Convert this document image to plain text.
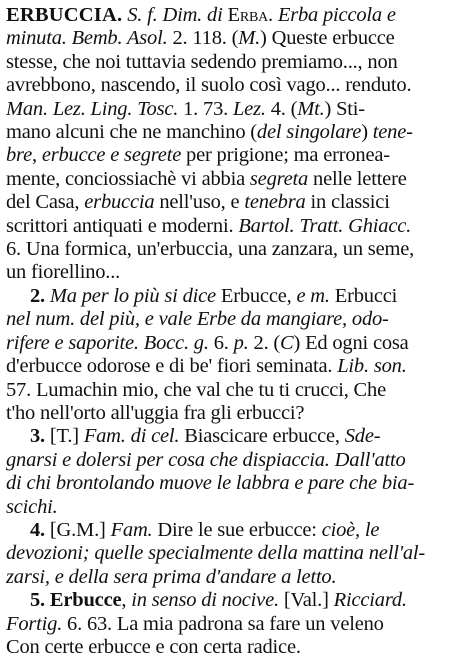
ERBUCCIA. S. f. Dim. di Erba. Erba piccola e
minuta. Bemb. Asol. 2. 118. (M.) Queste erbucce
stesse, che noi tuttavia sedendo premiamo..., non
avrebbono, nascendo, il suolo così vago... renduto.
Man. Lez. Ling. Tosc. 1. 73. Lez. 4. (Mt.) Sti-
mano alcuni che ne manchino (del singolare) tene-
bre, erbucce e segrete per prigione; ma erronea-
mente, conciossiachè vi abbia segreta nelle lettere
del Casa, erbuccia nell'uso, e tenebra in classici
scrittori antiquati e moderni. Bartol. Tratt. Ghiacc.
6. Una formica, un'erbuccia, una zanzara, un seme,
un fiorellino...
2. Ma per lo più si dice Erbucce, e m. Erbucci
nel num. del più, e vale Erbe da mangiare, odo-
rifere e saporite. Bocc. g. 6. p. 2. (C) Ed ogni cosa
d'erbucce odorose e di be' fiori seminata. Lib. son.
57. Lumachin mio, che val che tu ti crucci, Che
t'ho nell'orto all'uggia fra gli erbucci?
3. [T.] Fam. di cel. Biascicare erbucce, Sde-
gnarsi e dolersi per cosa che dispiaccia. Dall'atto
di chi brontolando muove le labbra e pare che bia-
scichi.
4. [G.M.] Fam. Dire le sue erbucce: cioè, le
devozioni; quelle specialmente della mattina nell'al-
zarsi, e della sera prima d'andare a letto.
5. Erbucce, in senso di nocive. [Val.] Ricciard.
Fortig. 6. 63. La mia padrona sa fare un veleno
Con certe erbucce e con certa radice.
